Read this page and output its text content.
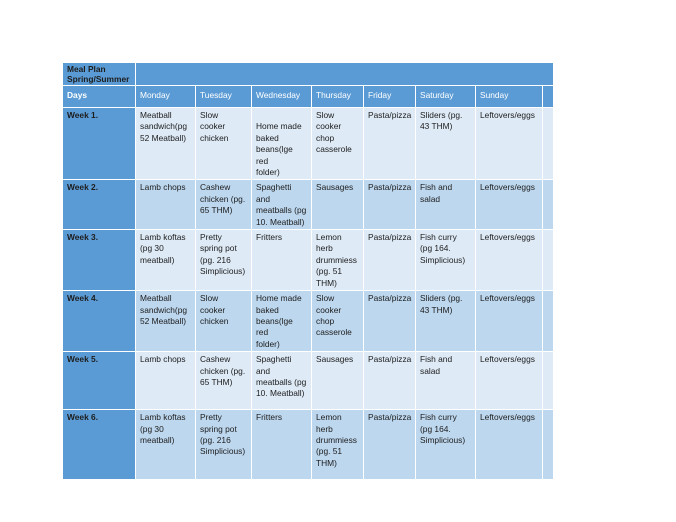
Meal Plan
Spring/Summer								
Days	Monday	Tuesday	Wednesday	Thursday	Friday	Saturday	Sunday	
Week 1.	Meatball
sandwich(pg
52 Meatball)	Slow
cooker
chicken	
Home made
baked
beans(lge red
folder)	Slow
cooker
chop
casserole	Pasta/pizza	Sliders (pg.
43 THM)	Leftovers/eggs	
Week 2.	Lamb chops	Cashew
chicken (pg.
65 THM)	Spaghetti
and
meatballs (pg
10. Meatball)	Sausages	Pasta/pizza	Fish and
salad	Leftovers/eggs	
Week 3.	Lamb koftas
(pg 30
meatball)	Pretty
spring pot
(pg. 216
Simplicious)	Fritters	Lemon
herb
drummiess
(pg. 51
THM)	Pasta/pizza	Fish curry
(pg 164.
Simplicious)	Leftovers/eggs	
Week 4.	Meatball
sandwich(pg
52 Meatball)	Slow
cooker
chicken	Home made
baked
beans(lge red
folder)	Slow
cooker
chop
casserole	Pasta/pizza	Sliders (pg.
43 THM)	Leftovers/eggs	
Week 5.	Lamb chops	Cashew
chicken (pg.
65 THM)	Spaghetti
and
meatballs (pg
10. Meatball)	Sausages	Pasta/pizza	Fish and
salad	Leftovers/eggs	
Week 6.	Lamb koftas
(pg 30
meatball)	Pretty
spring pot
(pg. 216
Simplicious)	Fritters	Lemon
herb
drummiess
(pg. 51
THM)	Pasta/pizza	Fish curry
(pg 164.
Simplicious)	Leftovers/eggs	
